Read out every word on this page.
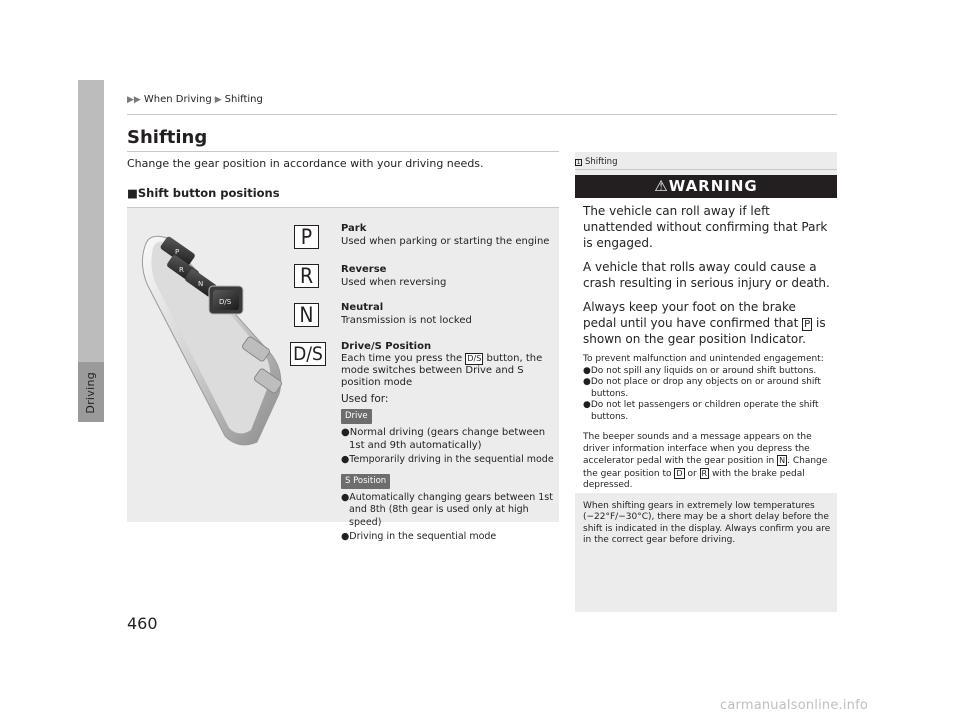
Driving
▶▶ When Driving ▶ Shifting
Shifting
Change the gear position in accordance with your driving needs.
■Shift button positions
P
R
N
D/S
P	Park
Used when parking or starting the engine
R	Reverse
Used when reversing
N	Neutral
Transmission is not locked
D/S	Drive/S Position
Each time you press the D/S button, the mode switches between Drive and S position mode
Used for:
Drive
●Normal driving (gears change between 1st and 9th automatically)
●Temporarily driving in the sequential mode
S Position
●Automatically changing gears between 1st and 8th (8th gear is used only at high speed)
●Driving in the sequential mode
1 Shifting
⚠WARNING

The vehicle can roll away if left unattended without confirming that Park is engaged.

A vehicle that rolls away could cause a crash resulting in serious injury or death.

Always keep your foot on the brake pedal until you have confirmed that P is shown on the gear position Indicator.

To prevent malfunction and unintended engagement:

●Do not spill any liquids on or around shift buttons.
●Do not place or drop any objects on or around shift buttons.
●Do not let passengers or children operate the shift buttons.

The beeper sounds and a message appears on the driver information interface when you depress the accelerator pedal with the gear position in N . Change the gear position to D or R with the brake pedal depressed.

When shifting gears in extremely low temperatures (−22°F/−30°C), there may be a short delay before the shift is indicated in the display. Always confirm you are in the correct gear before driving.

460
carmanualsonline.info
